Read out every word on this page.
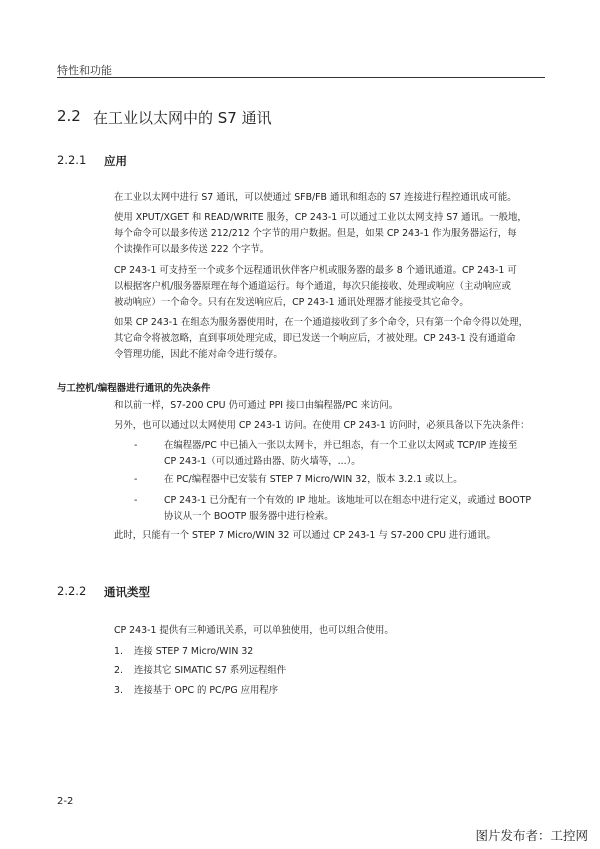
特性和功能
2.2 在工业以太网中的 S7 通讯
2.2.1 应用

在工业以太网中进行 S7 通讯，可以使通过 SFB/FB 通讯和组态的 S7 连接进行程控通讯成可能。

使用 XPUT/XGET 和 READ/WRITE 服务，CP 243-1 可以通过工业以太网支持 S7 通讯。一般地，

每个命令可以最多传送 212/212 个字节的用户数据。但是，如果 CP 243-1 作为服务器运行，每

个读操作可以最多传送 222 个字节。

CP 243-1 可支持至一个或多个远程通讯伙伴客户机或服务器的最多 8 个通讯通道。CP 243-1 可

以根据客户机/服务器原理在每个通道运行。每个通道，每次只能接收、处理或响应（主动响应或

被动响应）一个命令。只有在发送响应后，CP 243-1 通讯处理器才能接受其它命令。

如果 CP 243-1 在组态为服务器使用时，在一个通道接收到了多个命令，只有第一个命令得以处理，

其它命令将被忽略，直到事项处理完成，即已发送一个响应后，才被处理。CP 243-1 没有通道命

令管理功能，因此不能对命令进行缓存。

与工控机/编程器进行通讯的先决条件

和以前一样，S7-200 CPU 仍可通过 PPI 接口由编程器/PC 来访问。

另外，也可以通过以太网使用 CP 243-1 访问。在使用 CP 243-1 访问时，必须具备以下先决条件：

-	在编程器/PC 中已插入一张以太网卡，并已组态，有一个工业以太网或 TCP/IP 连接至
CP 243-1（可以通过路由器、防火墙等，...）。
-	在 PC/编程器中已安装有 STEP 7 Micro/WIN 32，版本 3.2.1 或以上。
-	CP 243-1 已分配有一个有效的 IP 地址。该地址可以在组态中进行定义，或通过 BOOTP
协议从一个 BOOTP 服务器中进行检索。

此时，只能有一个 STEP 7 Micro/WIN 32 可以通过 CP 243-1 与 S7-200 CPU 进行通讯。

2.2.2 通讯类型

CP 243-1 提供有三种通讯关系，可以单独使用，也可以组合使用。

1. 连接 STEP 7 Micro/WIN 32
2. 连接其它 SIMATIC S7 系列远程组件
3. 连接基于 OPC 的 PC/PG 应用程序
2-2
图片发布者：工控网
